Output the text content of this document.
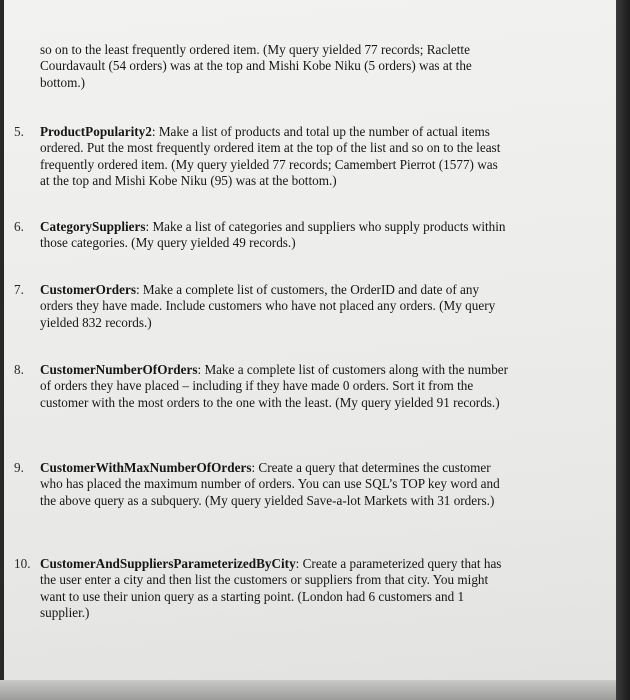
so on to the least frequently ordered item. (My query yielded 77 records; Raclette Courdavault (54 orders) was at the top and Mishi Kobe Niku (5 orders) was at the bottom.)

5.	ProductPopularity2: Make a list of products and total up the number of actual items ordered. Put the most frequently ordered item at the top of the list and so on to the least frequently ordered item. (My query yielded 77 records; Camembert Pierrot (1577) was at the top and Mishi Kobe Niku (95) was at the bottom.)

6.	CategorySuppliers: Make a list of categories and suppliers who supply products within those categories. (My query yielded 49 records.)

7.	CustomerOrders: Make a complete list of customers, the OrderID and date of any orders they have made. Include customers who have not placed any orders. (My query yielded 832 records.)

8.	CustomerNumberOfOrders: Make a complete list of customers along with the number of orders they have placed – including if they have made 0 orders. Sort it from the customer with the most orders to the one with the least. (My query yielded 91 records.)

9.	CustomerWithMaxNumberOfOrders: Create a query that determines the customer who has placed the maximum number of orders. You can use SQL’s TOP key word and the above query as a subquery. (My query yielded Save-a-lot Markets with 31 orders.)

10. CustomerAndSuppliersParameterizedByCity: Create a parameterized query that has the user enter a city and then list the customers or suppliers from that city. You might want to use their union query as a starting point. (London had 6 customers and 1 supplier.)
